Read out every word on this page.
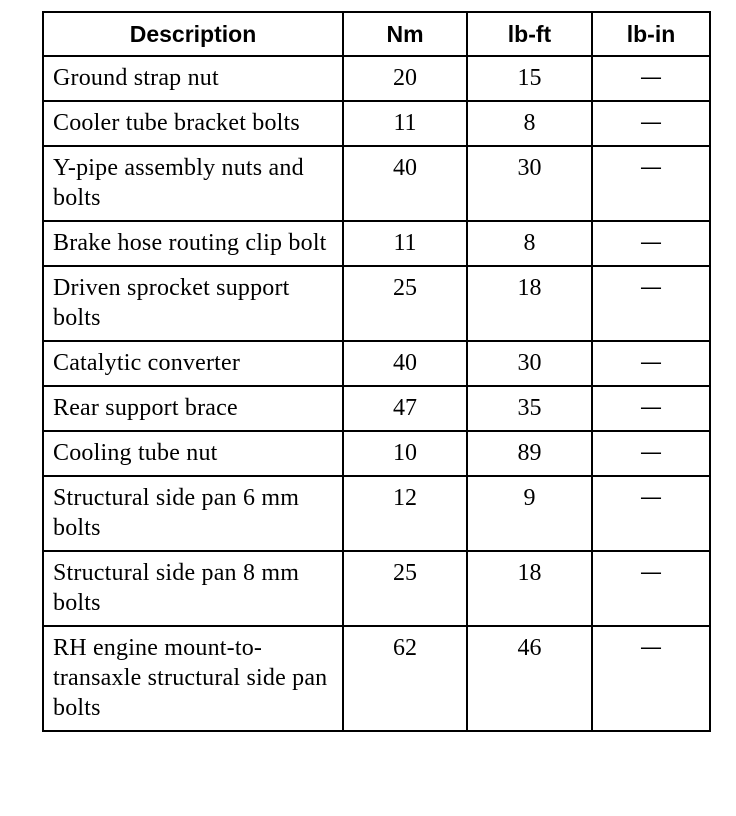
Description	Nm	lb-ft	lb-in
Ground strap nut	20	15	—
Cooler tube bracket bolts	11	8	—
Y-pipe assembly nuts and bolts	40	30	—
Brake hose routing clip bolt	11	8	—
Driven sprocket support bolts	25	18	—
Catalytic converter	40	30	—
Rear support brace	47	35	—
Cooling tube nut	10	89	—
Structural side pan 6 mm bolts	12	9	—
Structural side pan 8 mm bolts	25	18	—
RH engine mount-to-transaxle structural side pan bolts	62	46	—
